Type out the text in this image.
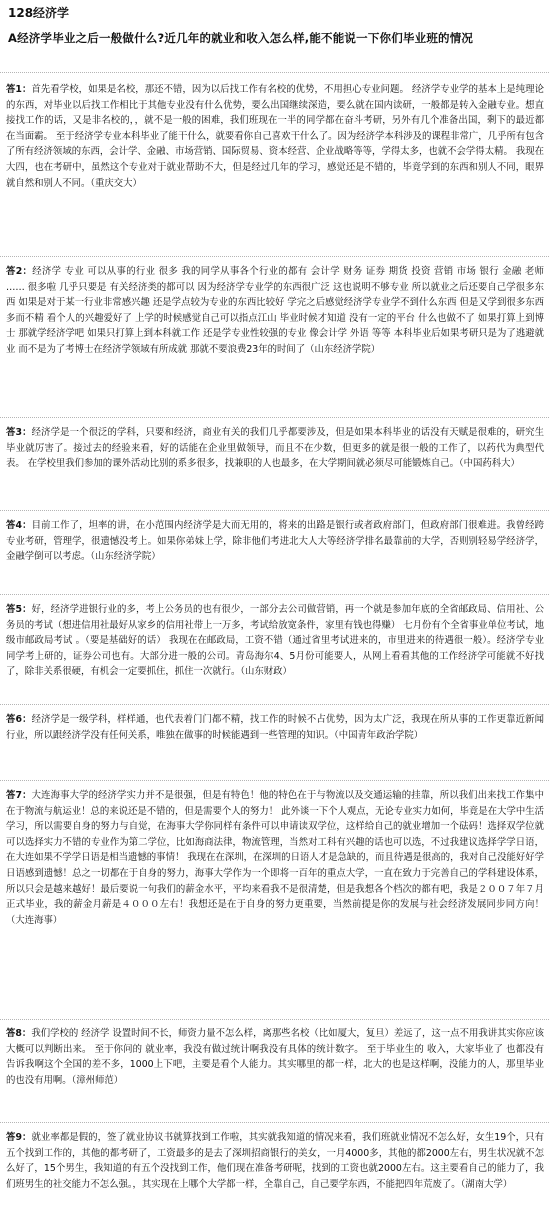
128经济学
A经济学毕业之后一般做什么?近几年的就业和收入怎么样,能不能说一下你们毕业班的情况
答1：首先看学校，如果是名校，那还不错，因为以后找工作有名校的优势，不用担心专业问题。 经济学专业学的基本上是纯理论的东西，对毕业以后找工作相比于其他专业没有什么优势，要么出国继续深造，要么就在国内读研，一般都是转入金融专业。想直接找工作的话，又是非名校的，，就不是一般的困难，我们班现在一半的同学都在奋斗考研，另外有几个准备出国，剩下的最近都在当面霸。 至于经济学专业本科毕业了能干什么，就要看你自己喜欢干什么了。因为经济学本科涉及的课程非常广，几乎所有包含了所有经济领域的东西，会计学、金融、市场营销、国际贸易、资本经营、企业战略等等，学得太多，也就不会学得太精。 我现在大四，也在考研中，虽然这个专业对于就业帮助不大，但是经过几年的学习，感觉还是不错的，毕竟学到的东西和别人不同，眼界就自然和别人不同。（重庆交大）
答2：经济学 专业 可以从事的行业 很多 我的同学从事各个行业的都有 会计学 财务 证券 期货 投资 营销 市场 银行 金融 老师 …… 很多啦 几乎只要是 有关经济类的都可以 因为经济学专业学的东西很广泛 这也说明不够专业 所以就业之后还要自己学很多东西 如果是对于某一行业非常感兴趣 还是学点较为专业的东西比较好 学完之后感觉经济学专业学不到什么东西 但是又学到很多东西 多而不精 看个人的兴趣爱好了 上学的时候感觉自己可以指点江山 毕业时候才知道 没有一定的平台 什么也做不了 如果打算上到博士 那就学经济学吧 如果只打算上到本科就工作 还是学专业性较强的专业 像会计学 外语 等等 本科毕业后如果考研只是为了逃避就业 而不是为了考博士在经济学领域有所成就 那就不要浪费23年的时间了（山东经济学院）
答3：经济学是一个很泛的学科，只要和经济，商业有关的我们几乎都要涉及，但是如果本科毕业的话没有天赋是很难的，研究生毕业就厉害了。接过去的经验来看，好的话能在企业里做领导，而且不在少数，但更多的就是很一般的工作了，以药代为典型代表。 在学校里我们参加的课外活动比别的系多很多，找兼职的人也最多，在大学期间就必须尽可能锻炼自己。（中国药科大）
答4：目前工作了，坦率的讲，在小范围内经济学是大而无用的，将来的出路是银行或者政府部门，但政府部门很难进。我曾经跨专业考研，管理学，很遗憾没考上。如果你弟妹上学，除非他们考进北大人大等经济学排名最靠前的大学，否则别轻易学经济学，金融学倒可以考虑。（山东经济学院）
答5：好，经济学进银行业的多，考上公务员的也有很少，一部分去公司做营销，再一个就是参加年底的全省邮政局、信用社、公务员的考试（想进信用社最好从家乡的信用社带上一万多，考试给放宽条件，家里有钱也得赚） 七月份有个全省事业单位考试，地级市邮政局考试 。（要是基础好的话） 我现在在邮政局，工资不错（通过省里考试进来的，市里进来的待遇很一般）。经济学专业同学考上研的，证券公司也有。大部分进一般的公司。青岛海尔4、5月份可能要人，从网上看看其他的工作经济学可能就不好找了，除非关系很硬，有机会一定要抓住，抓住一次就行。（山东财政）
答6：经济学是一级学科，样样通，也代表着门门都不精，找工作的时候不占优势，因为太广泛，我现在所从事的工作更靠近新闻行业，所以跟经济学没有任何关系，唯独在做事的时候能遇到一些管理的知识。（中国青年政治学院）
答7：大连海事大学的经济学实力并不是很强，但是有特色！他的特色在于与物流以及交通运输的挂靠，所以我们出来找工作集中在于物流与航运业！总的来说还是不错的，但是需要个人的努力！ 此外谈一下个人观点，无论专业实力如何，毕竟是在大学中生活学习，所以需要自身的努力与自觉，在海事大学你同样有条件可以申请读双学位，这样给自己的就业增加一个砝码！选择双学位就可以选择实力不错的专业作为第二学位，比如海商法律，物流管理，当然对工科有兴趣的话也可以选，不过我建议选择学学日语，在大连如果不学学日语是相当遗憾的事情！ 我现在在深圳，在深圳的日语人才是急缺的，而且待遇是很高的，我对自己没能好好学日语感到遗憾！总之一切都在于自身的努力，海事大学作为一个即将一百年的重点大学，一直在致力于完善自己的学科建设体系，所以只会是越来越好！最后要说一句我们的薪金水平，平均来看我不是很清楚，但是我想各个档次的都有吧，我是２００７年７月正式毕业，我的薪金月薪是４０００左右！我想还是在于自身的努力更重要，当然前提是你的发展与社会经济发展同步同方向！（大连海事）
答8：我们学校的 经济学 设置时间不长，师资力量不怎么样，离那些名校（比如厦大，复旦）差远了，这一点不用我讲其实你应该大概可以判断出来。 至于你问的 就业率，我没有做过统计啊我没有具体的统计数字。 至于毕业生的 收入，大家毕业了 也都没有告诉我啊这个全国的差不多，1000上下吧，主要是看个人能力。其实哪里的都一样，北大的也是这样啊，没能力的人，那里毕业的也没有用啊。（漳州师范）
答9：就业率都是假的，签了就业协议书就算找到工作啦，其实就我知道的情况来看，我们班就业情况不怎么好，女生19个，只有五个找到工作的，其他的都考研了，工资最多的是去了深圳招商银行的美女，一月4000多，其他的都2000左右，男生状况就不怎么好了，15个男生，我知道的有五个没找到工作，他们现在准备考研呢，找到的工资也就2000左右。这主要看自己的能力了，我们班男生的社交能力不怎么强。，其实现在上哪个大学都一样，全靠自己，自己要学东西，不能把四年荒废了。（湖南大学）
